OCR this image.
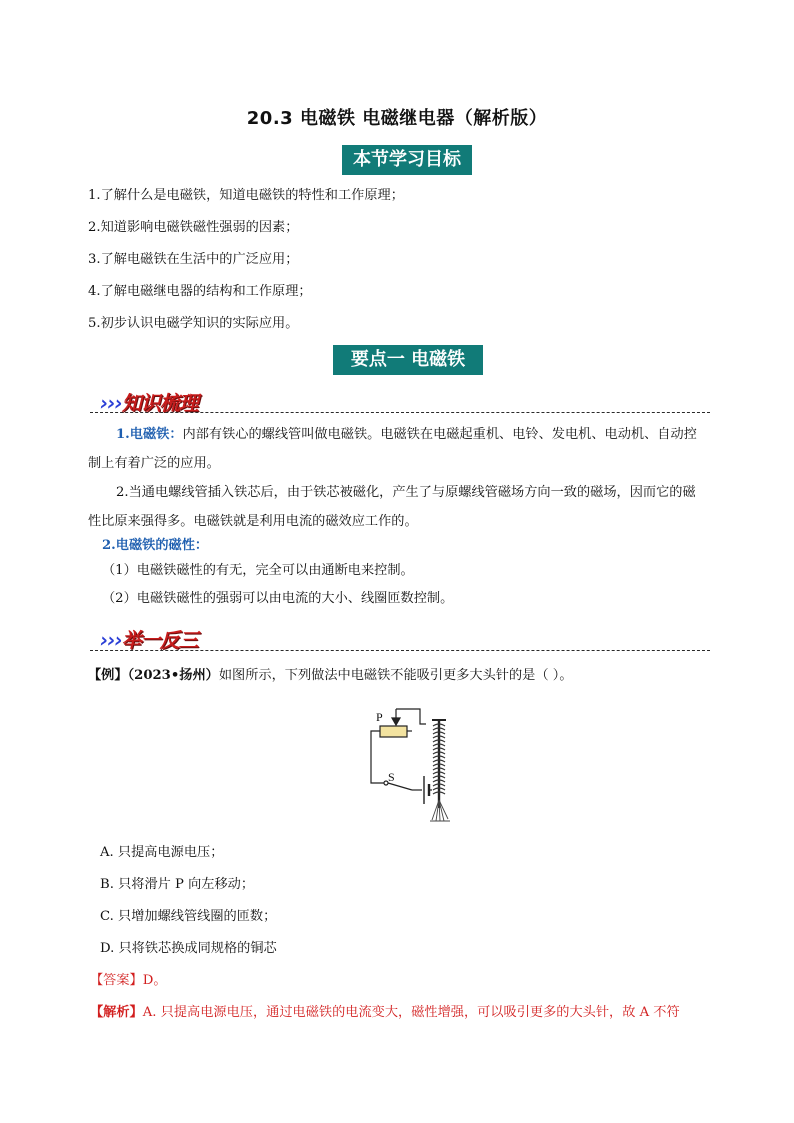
20.3 电磁铁 电磁继电器（解析版）
本节学习目标
1.了解什么是电磁铁，知道电磁铁的特性和工作原理；
2.知道影响电磁铁磁性强弱的因素；
3.了解电磁铁在生活中的广泛应用；
4.了解电磁继电器的结构和工作原理；
5.初步认识电磁学知识的实际应用。
要点一 电磁铁
›››知识梳理
1.电磁铁：内部有铁心的螺线管叫做电磁铁。电磁铁在电磁起重机、电铃、发电机、电动机、自动控制上有着广泛的应用。
2.当通电螺线管插入铁芯后，由于铁芯被磁化，产生了与原螺线管磁场方向一致的磁场，因而它的磁性比原来强得多。电磁铁就是利用电流的磁效应工作的。
2.电磁铁的磁性：
（1）电磁铁磁性的有无，完全可以由通断电来控制。
（2）电磁铁磁性的强弱可以由电流的大小、线圈匝数控制。
›››举一反三
【例】（2023•扬州）如图所示，下列做法中电磁铁不能吸引更多大头针的是（ ）。
P
S
A. 只提高电源电压；
B. 只将滑片 P 向左移动；
C. 只增加螺线管线圈的匝数；
D. 只将铁芯换成同规格的铜芯
【答案】D。
【解析】A. 只提高电源电压，通过电磁铁的电流变大，磁性增强，可以吸引更多的大头针，故 A 不符
